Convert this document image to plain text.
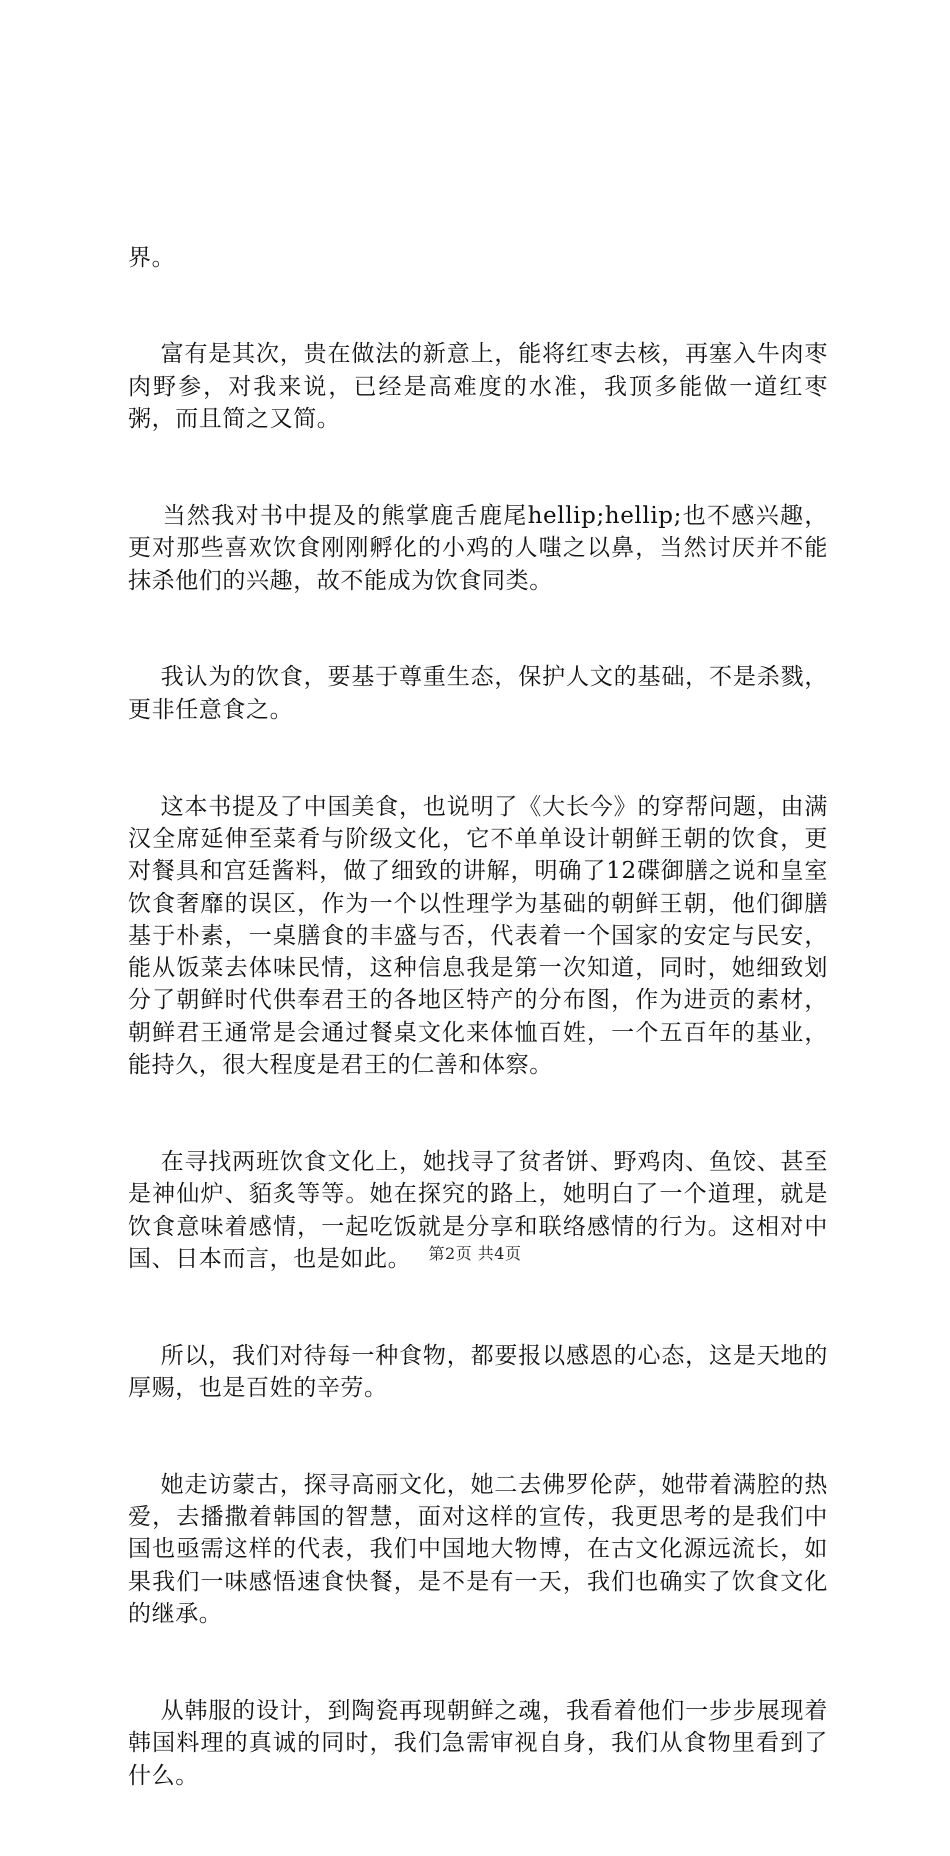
界。

富有是其次，贵在做法的新意上，能将红枣去核，再塞入牛肉枣肉野参，对我来说，已经是高难度的水准，我顶多能做一道红枣粥，而且简之又简。

当然我对书中提及的熊掌鹿舌鹿尾hellip;hellip;也不感兴趣，更对那些喜欢饮食刚刚孵化的小鸡的人嗤之以鼻，当然讨厌并不能抹杀他们的兴趣，故不能成为饮食同类。

我认为的饮食，要基于尊重生态，保护人文的基础，不是杀戮，更非任意食之。

这本书提及了中国美食，也说明了《大长今》的穿帮问题，由满汉全席延伸至菜肴与阶级文化，它不单单设计朝鲜王朝的饮食，更对餐具和宫廷酱料，做了细致的讲解，明确了12碟御膳之说和皇室饮食奢靡的误区，作为一个以性理学为基础的朝鲜王朝，他们御膳基于朴素，一桌膳食的丰盛与否，代表着一个国家的安定与民安，能从饭菜去体味民情，这种信息我是第一次知道，同时，她细致划分了朝鲜时代供奉君王的各地区特产的分布图，作为进贡的素材，朝鲜君王通常是会通过餐桌文化来体恤百姓，一个五百年的基业，能持久，很大程度是君王的仁善和体察。

在寻找两班饮食文化上，她找寻了贫者饼、野鸡肉、鱼饺、甚至是神仙炉、貊炙等等。她在探究的路上，她明白了一个道理，就是饮食意味着感情，一起吃饭就是分享和联络感情的行为。这相对中国、日本而言，也是如此。

所以，我们对待每一种食物，都要报以感恩的心态，这是天地的厚赐，也是百姓的辛劳。

她走访蒙古，探寻高丽文化，她二去佛罗伦萨，她带着满腔的热爱，去播撒着韩国的智慧，面对这样的宣传，我更思考的是我们中国也亟需这样的代表，我们中国地大物博，在古文化源远流长，如果我们一味感悟速食快餐，是不是有一天，我们也确实了饮食文化的继承。

从韩服的设计，到陶瓷再现朝鲜之魂，我看着他们一步步展现着韩国料理的真诚的同时，我们急需审视自身，我们从食物里看到了什么。

第2页 共4页
